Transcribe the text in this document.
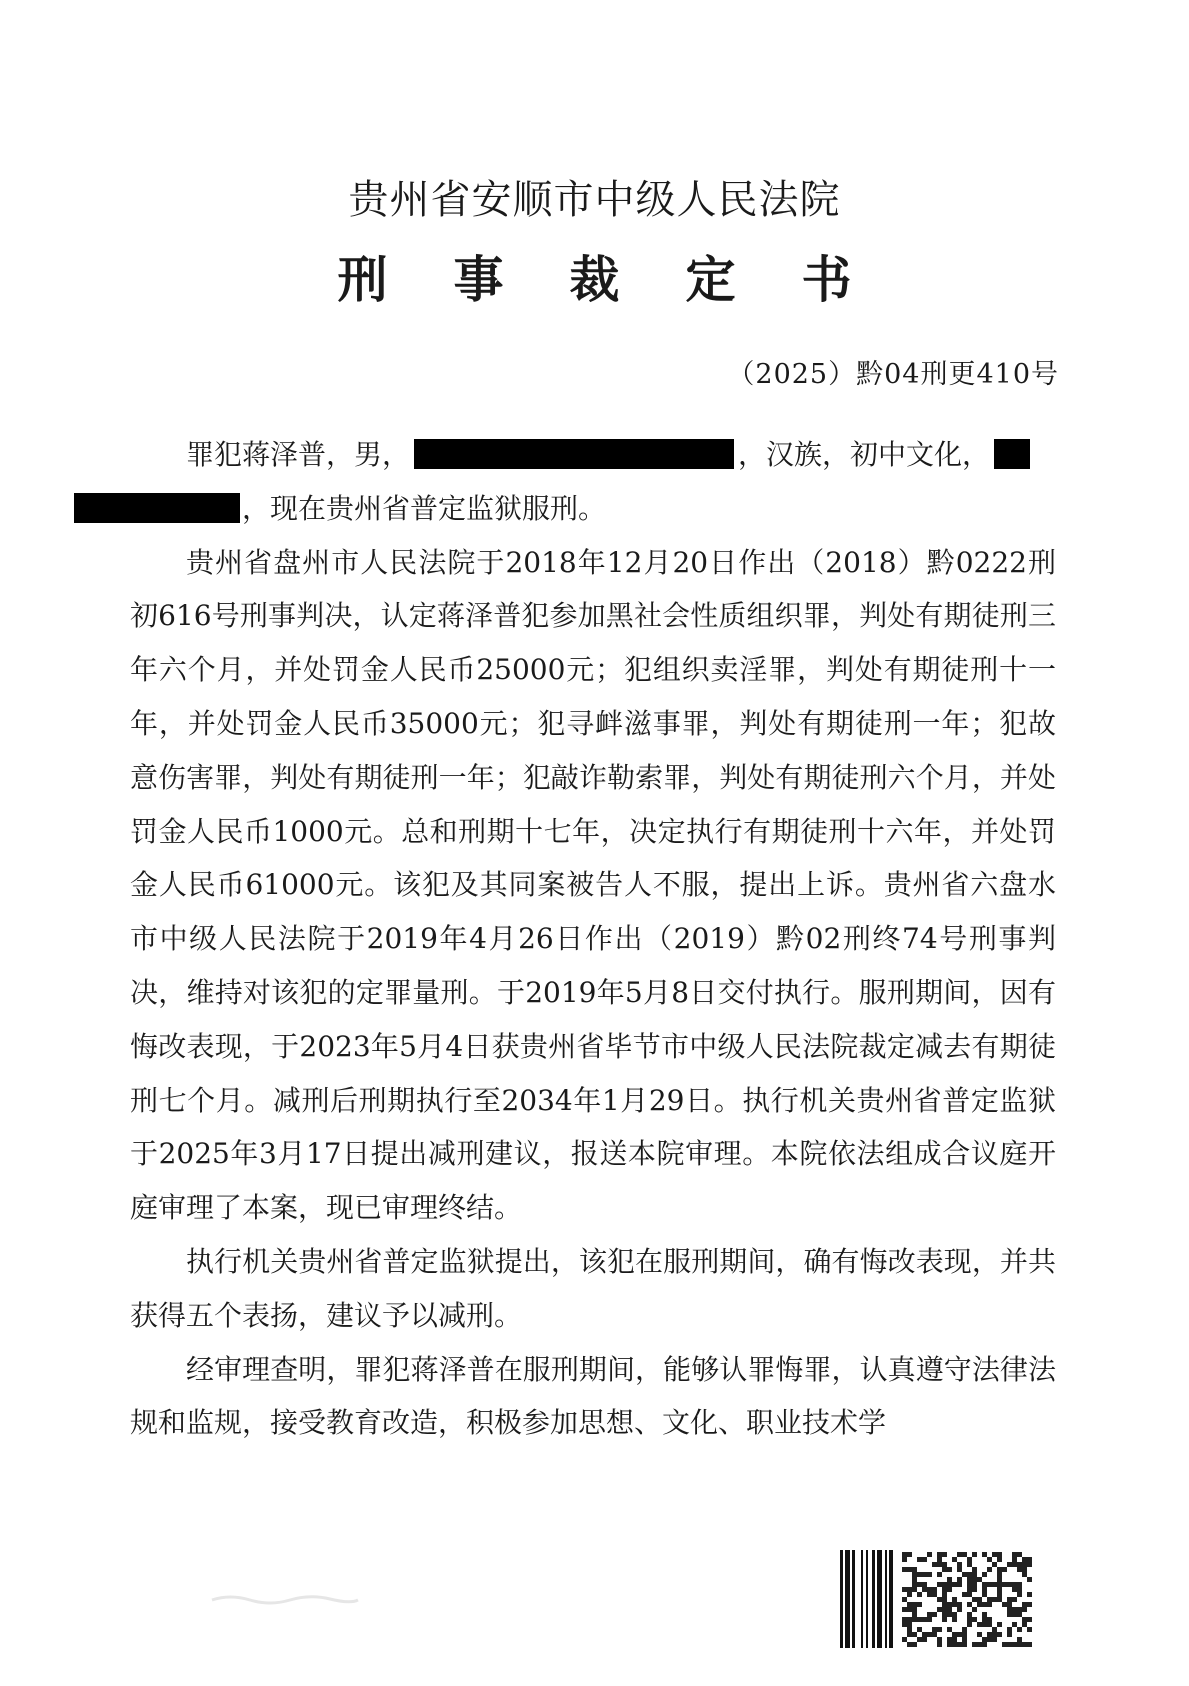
贵州省安顺市中级人民法院
刑 事 裁 定 书
（2025）黔04刑更410号

罪犯蒋泽普，男，	，汉族，初中文化，
，现在贵州省普定监狱服刑。

贵州省盘州市人民法院于2018年12月20日作出（2018）黔0222刑初616号刑事判决，认定蒋泽普犯参加黑社会性质组织罪，判处有期徒刑三年六个月，并处罚金人民币25000元；犯组织卖淫罪，判处有期徒刑十一年，并处罚金人民币35000元；犯寻衅滋事罪，判处有期徒刑一年；犯故意伤害罪，判处有期徒刑一年；犯敲诈勒索罪，判处有期徒刑六个月，并处罚金人民币1000元。总和刑期十七年，决定执行有期徒刑十六年，并处罚金人民币61000元。该犯及其同案被告人不服，提出上诉。贵州省六盘水市中级人民法院于2019年4月26日作出（2019）黔02刑终74号刑事判决，维持对该犯的定罪量刑。于2019年5月8日交付执行。服刑期间，因有悔改表现，于2023年5月4日获贵州省毕节市中级人民法院裁定减去有期徒刑七个月。减刑后刑期执行至2034年1月29日。执行机关贵州省普定监狱于2025年3月17日提出减刑建议，报送本院审理。本院依法组成合议庭开庭审理了本案，现已审理终结。

执行机关贵州省普定监狱提出，该犯在服刑期间，确有悔改表现，并共获得五个表扬，建议予以减刑。

经审理查明，罪犯蒋泽普在服刑期间，能够认罪悔罪，认真遵守法律法规和监规，接受教育改造，积极参加思想、文化、职业技术学
